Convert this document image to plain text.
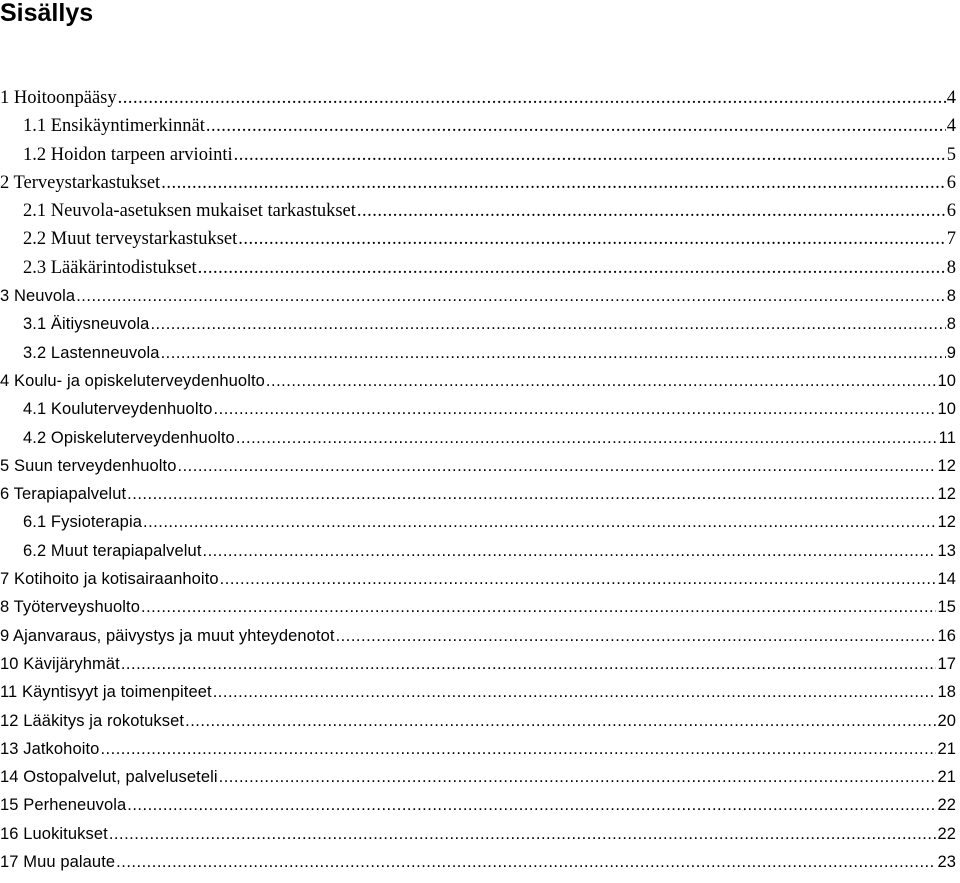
Sisällys
1 Hoitoonpääsy .....	4
1.1 Ensikäyntimerkinnät .....	4
1.2 Hoidon tarpeen arviointi .....	5
2 Terveystarkastukset .....	6
2.1 Neuvola-asetuksen mukaiset tarkastukset .....	6
2.2 Muut terveystarkastukset .....	7
2.3 Lääkärintodistukset .....	8
3 Neuvola .....	8
3.1 Äitiysneuvola .....	8
3.2 Lastenneuvola .....	9
4 Koulu- ja opiskeluterveydenhuolto .....	10
4.1 Kouluterveydenhuolto .....	10
4.2 Opiskeluterveydenhuolto .....	11
5 Suun terveydenhuolto .....	12
6 Terapiapalvelut .....	12
6.1 Fysioterapia .....	12
6.2 Muut terapiapalvelut .....	13
7 Kotihoito ja kotisairaanhoito .....	14
8 Työterveyshuolto .....	15
9 Ajanvaraus, päivystys ja muut yhteydenotot .....	16
10 Kävijäryhmät .....	17
11 Käyntisyyt ja toimenpiteet .....	18
12 Lääkitys ja rokotukset .....	20
13 Jatkohoito .....	21
14 Ostopalvelut, palveluseteli .....	21
15 Perheneuvola .....	22
16 Luokitukset .....	22
17 Muu palaute .....	23
